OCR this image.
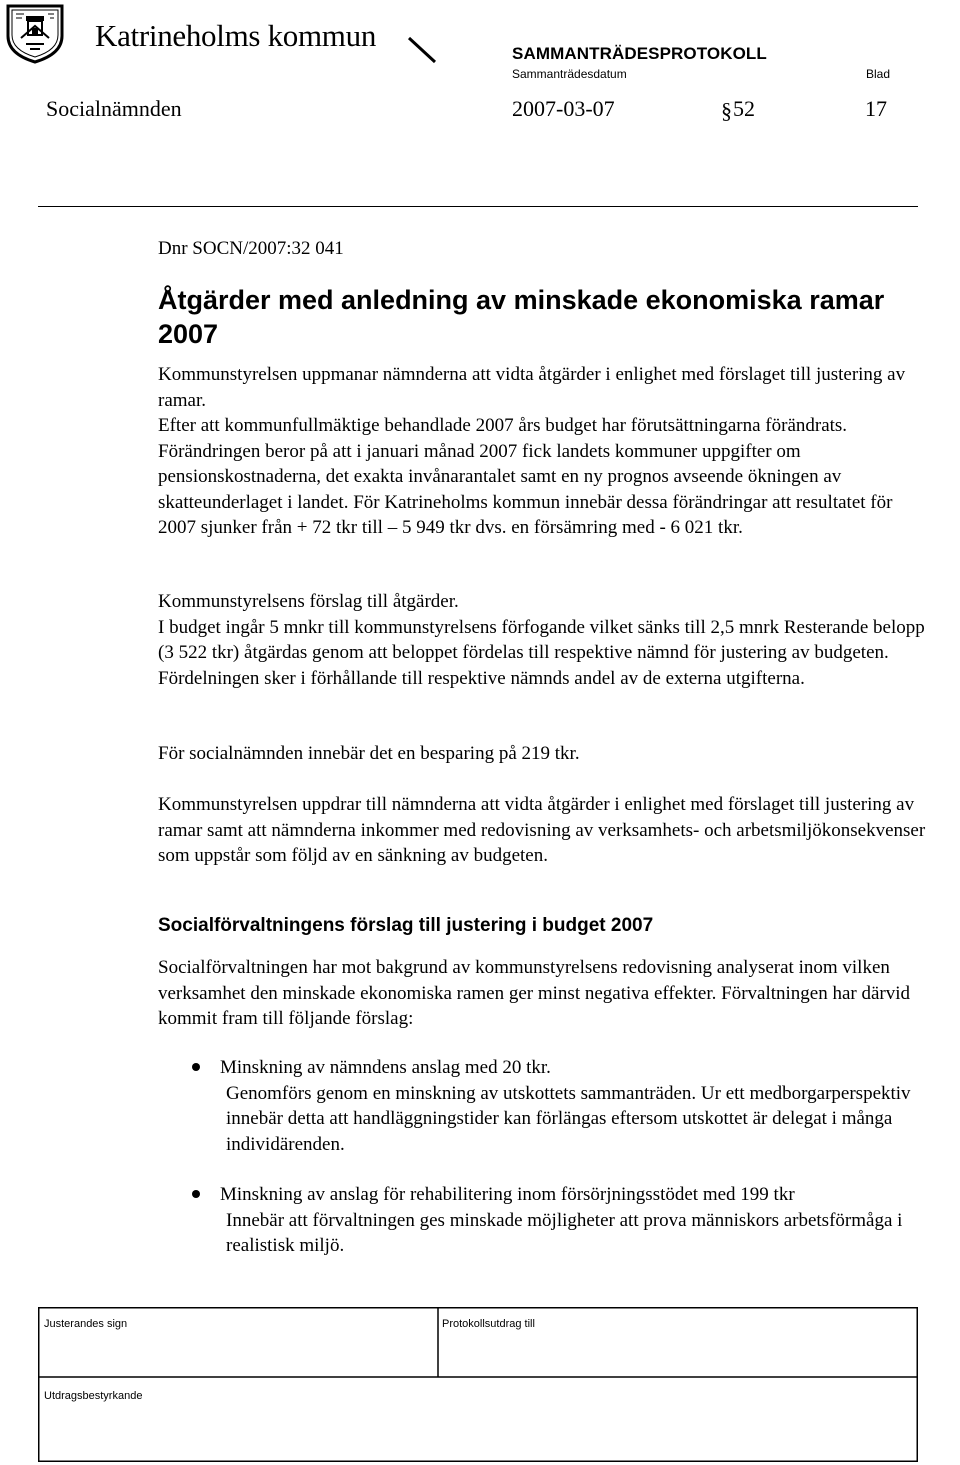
Katrineholms kommun
SAMMANTRÄDESPROTOKOLL
Sammanträdesdatum	Blad
Socialnämnden	2007-03-07	§ 52	17
Dnr SOCN/2007:32 041
Åtgärder med anledning av minskade ekonomiska ramar 2007

Kommunstyrelsen uppmanar nämnderna att vidta åtgärder i enlighet med förslaget till justering av ramar.

Efter att kommunfullmäktige behandlade 2007 års budget har förutsättningarna förändrats. Förändringen beror på att i januari månad 2007 fick landets kommuner uppgifter om pensionskostnaderna, det exakta invånarantalet samt en ny prognos avseende ökningen av skatteunderlaget i landet. För Katrineholms kommun innebär dessa förändringar att resultatet för 2007 sjunker från + 72 tkr till – 5 949 tkr dvs. en försämring med - 6 021 tkr.

Kommunstyrelsens förslag till åtgärder.

I budget ingår 5 mnkr till kommunstyrelsens förfogande vilket sänks till 2,5 mnrk Resterande belopp (3 522 tkr) åtgärdas genom att beloppet fördelas till respektive nämnd för justering av budgeten. Fördelningen sker i förhållande till respektive nämnds andel av de externa utgifterna.

För socialnämnden innebär det en besparing på 219 tkr.
Kommunstyrelsen uppdrar till nämnderna att vidta åtgärder i enlighet med förslaget till justering av ramar samt att nämnderna inkommer med redovisning av verksamhets- och arbetsmiljökonsekvenser som uppstår som följd av en sänkning av budgeten.
Socialförvaltningens förslag till justering i budget 2007
Socialförvaltningen har mot bakgrund av kommunstyrelsens redovisning analyserat inom vilken verksamhet den minskade ekonomiska ramen ger minst negativa effekter. Förvaltningen har därvid kommit fram till följande förslag:

Minskning av nämndens anslag med 20 tkr.

Genomförs genom en minskning av utskottets sammanträden. Ur ett medborgarperspektiv innebär detta att handläggningstider kan förlängas eftersom utskottet är delegat i många individärenden.

Minskning av anslag för rehabilitering inom försörjningsstödet med 199 tkr

Innebär att förvaltningen ges minskade möjligheter att prova människors arbetsförmåga i realistisk miljö.

Justerandes sign	Protokollsutdrag till
Utdragsbestyrkande
